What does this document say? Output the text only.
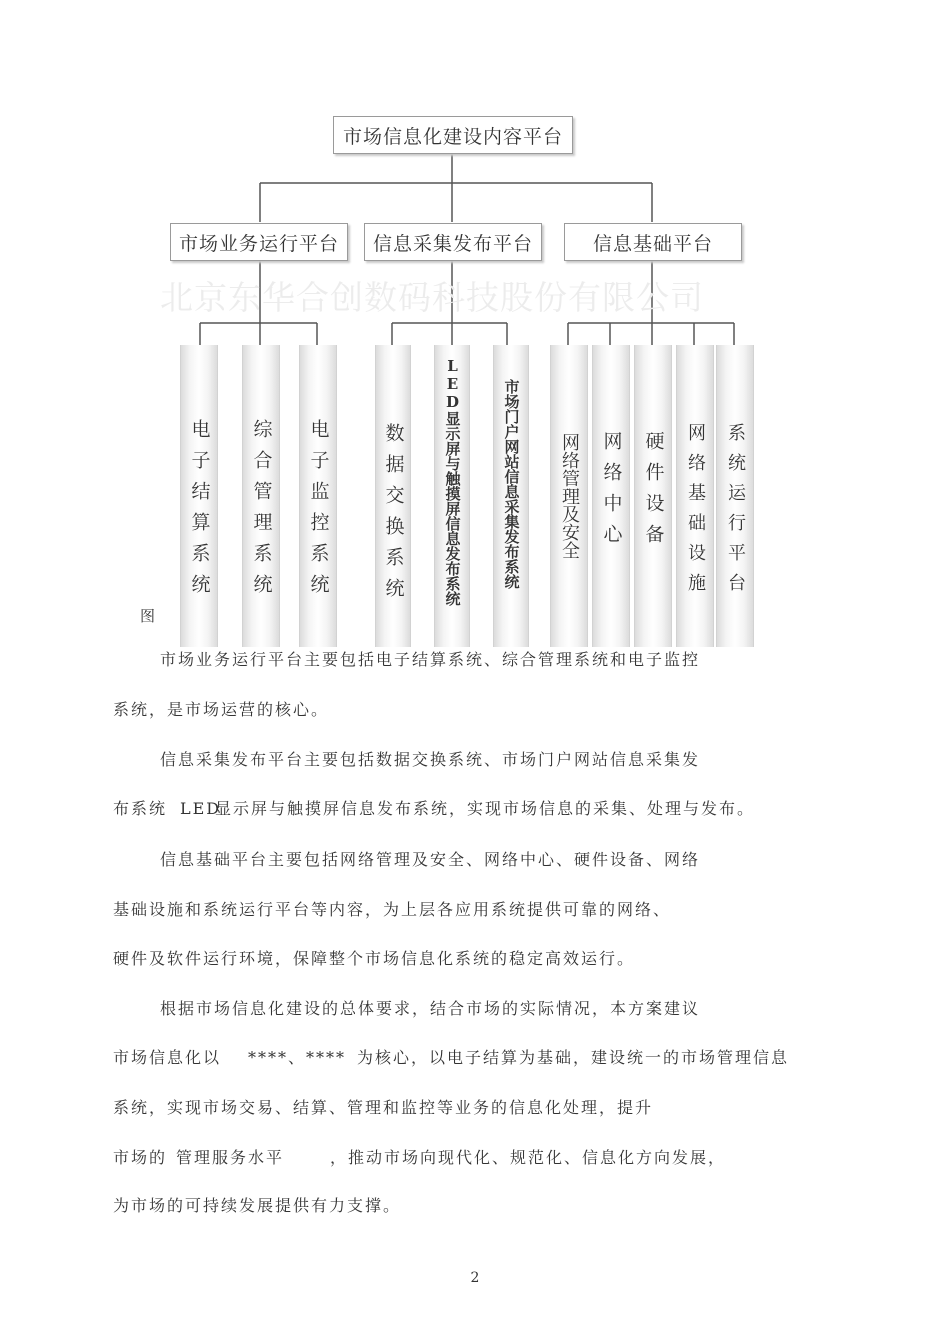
北京东华合创数码科技股份有限公司
市场信息化建设内容平台
市场业务运行平台	信息采集发布平台	信息基础平台
电子结算系统 综合管理系统 电子监控系统	数据交换系统	LED显示屏与触摸屏信息发布系统	市场门户网站信息采集发布系统 网络管理及安全 网络中心 硬件设备 网络基础设施 系统运行平台
图
市场业务运行平台主要包括电子结算系统、综合管理系统和电子监控
系统，是市场运营的核心。
信息采集发布平台主要包括数据交换系统、市场门户网站信息采集发
布系统 LED
显示屏与触摸屏信息发布系统，实现市场信息的采集、处理与发布。
信息基础平台主要包括网络管理及安全、网络中心、硬件设备、网络
基础设施和系统运行平台等内容，为上层各应用系统提供可靠的网络、
硬件及软件运行环境，保障整个市场信息化系统的稳定高效运行。
根据市场信息化建设的总体要求，结合市场的实际情况，本方案建议
市场信息化以 ****、**** 为核心，以电子结算为基础，建设统一的市场管理信息
系统，实现市场交易、结算、管理和监控等业务的信息化处理，提升
市场的 管理服务水平	，推动市场向现代化、规范化、信息化方向发展，
为市场的可持续发展提供有力支撑。
2
